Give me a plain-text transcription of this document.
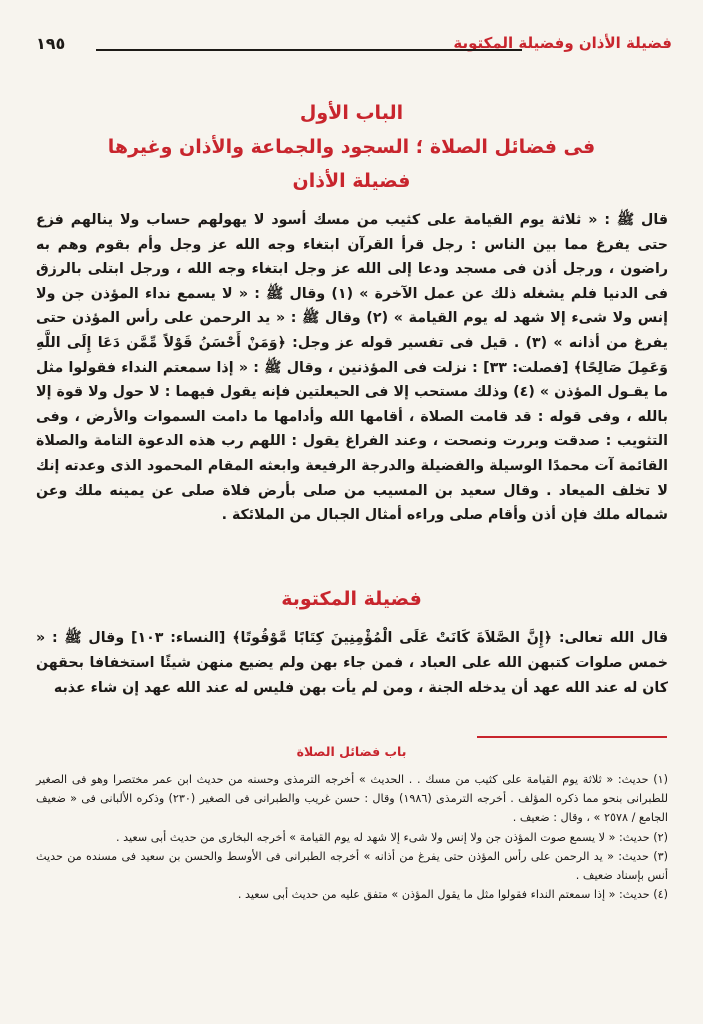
فضيلة الأذان وفضيلة المكتوبة
١٩٥
الباب الأول
فى فضائل الصلاة ؛ السجود والجماعة والأذان وغيرها
فضيلة الأذان

قال ﷺ : « ثلاثة يوم القيامة على كثيب من مسك أسود لا يهولهم حساب ولا ينالهم فزع حتى يفرغ مما بين الناس : رجل قرأ القرآن ابتغاء وجه الله عز وجل وأم بقوم وهم به راضون ، ورجل أذن فى مسجد ودعا إلى الله عز وجل ابتغاء وجه الله ، ورجل ابتلى بالرزق فى الدنيا فلم يشغله ذلك عن عمل الآخرة » (١) وقال ﷺ : « لا يسمع نداء المؤذن جن ولا إنس ولا شىء إلا شهد له يوم القيامة » (٢) وقال ﷺ : « يد الرحمن على رأس المؤذن حتى يفرغ من أذانه » (٣) . قيل فى تفسير قوله عز وجل: ﴿وَمَنْ أَحْسَنُ قَوْلاً مِّمَّن دَعَا إِلَى اللَّهِ وَعَمِلَ صَالِحًا﴾ [فصلت: ٣٣] : نزلت فى المؤذنين ، وقال ﷺ : « إذا سمعتم النداء فقولوا مثل ما يقـول المؤذن » (٤) وذلك مستحب إلا فى الحيعلتين فإنه يقول فيهما : لا حول ولا قوة إلا بالله ، وفى قوله : قد قامت الصلاة ، أقامها الله وأدامها ما دامت السموات والأرض ، وفى التثويب : صدقت وبررت ونصحت ، وعند الفراغ يقول : اللهم رب هذه الدعوة التامة والصلاة القائمة آت محمدًا الوسيلة والفضيلة والدرجة الرفيعة وابعثه المقام المحمود الذى وعدته إنك لا تخلف الميعاد . وقال سعيد بن المسيب من صلى بأرض فلاة صلى عن يمينه ملك وعن شماله ملك فإن أذن وأقام صلى وراءه أمثال الجبال من الملائكة .

فضيلة المكتوبة

قال الله تعالى: ﴿إِنَّ الصَّلاَةَ كَانَتْ عَلَى الْمُؤْمِنِينَ كِتَابًا مَّوْقُوتًا﴾ [النساء: ١٠٣] وقال ﷺ : « خمس صلوات كتبهن الله على العباد ، فمن جاء بهن ولم يضيع منهن شيئًا استخفافا بحقهن كان له عند الله عهد أن يدخله الجنة ، ومن لم يأت بهن فليس له عند الله عهد إن شاء عذبه

باب فضائل الصلاة

(١) حديث: « ثلاثة يوم القيامة على كثيب من مسك . . الحديث » أخرجه الترمذى وحسنه من حديث ابن عمر مختصرا وهو فى الصغير للطبرانى بنحو مما ذكره المؤلف . أخرجه الترمذى (١٩٨٦) وقال : حسن غريب والطبرانى فى الصغير (٢٣٠) وذكره الألبانى فى « ضعيف الجامع / ٢٥٧٨ » ، وقال : ضعيف .

(٢) حديث: « لا يسمع صوت المؤذن جن ولا إنس ولا شىء إلا شهد له يوم القيامة » أخرجه البخارى من حديث أبى سعيد .

(٣) حديث: « يد الرحمن على رأس المؤذن حتى يفرغ من أذانه » أخرجه الطبرانى فى الأوسط والحسن بن سعيد فى مسنده من حديث أنس بإسناد ضعيف .

(٤) حديث: « إذا سمعتم النداء فقولوا مثل ما يقول المؤذن » متفق عليه من حديث أبى سعيد .
